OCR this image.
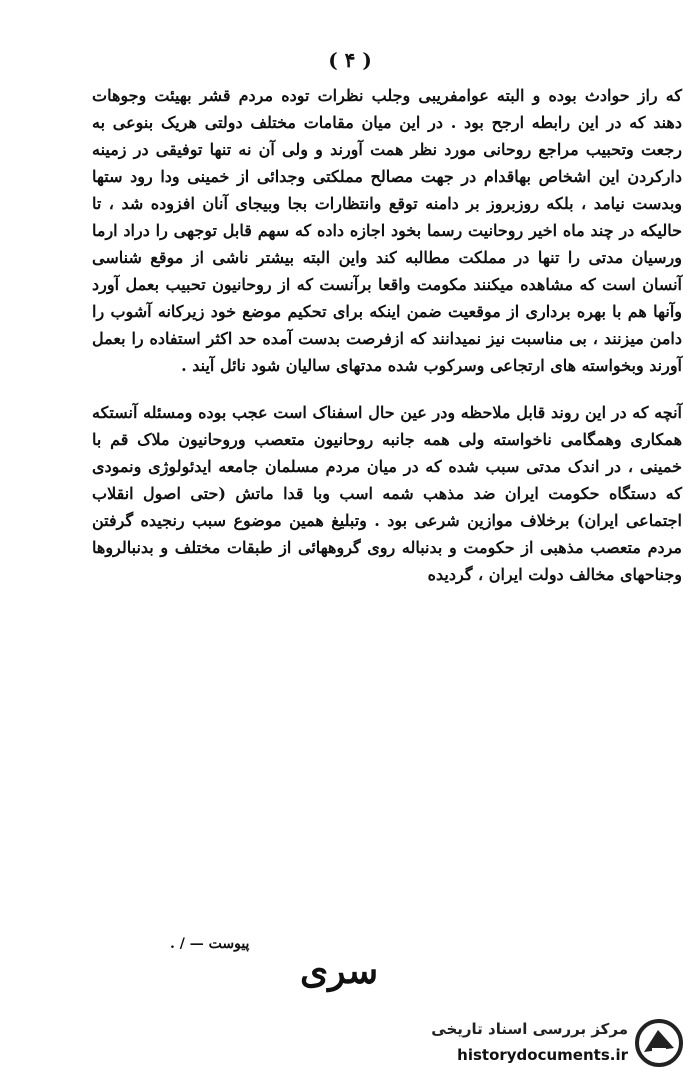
( ۴ )

که راز حوادث بوده و البته عوامفریبی وجلب نظرات توده مردم قشر بهیئت وجوهات دهند که در این رابطه ارجح بود . در این میان مقامات مختلف دولتی هریک بنوعی به رجعت وتحبیب مراجع روحانی مورد نظر همت آورند و ولی آن نه تنها توفیقی در زمینه دارکردن این اشخاص بهاقدام در جهت مصالح مملکتی وجدائی از خمینی ودا رود ستها وبدست نیامد ، بلکه روزبروز بر دامنه توقع وانتظارات بجا وبیجای آنان افزوده شد ، تا حالیکه در چند ماه اخیر روحانیت رسما بخود اجازه داده که سهم قابل توجهی را دراد ارما ورسیان مدتی را تنها در مملکت مطالبه کند واین البته بیشتر ناشی از موقع شناسی آنسان است که مشاهده میکنند مکومت واقعا برآنست که از روحانیون تحبیب بعمل آورد وآنها هم با بهره برداری از موقعیت ضمن اینکه برای تحکیم موضع خود زیرکانه آشوب را دامن میزنند ، بی مناسبت نیز نمیدانند که ازفرصت بدست آمده حد اکثر استفاده را بعمل آورند وبخواسته های ارتجاعی وسرکوب شده مدتهای سالیان شود نائل آیند .

آنچه که در این روند قابل ملاحظه ودر عین حال اسفناک است عجب بوده ومسئله آنستکه همکاری وهمگامی ناخواسته ولی همه جانبه روحانیون متعصب وروحانیون ملاک قم با خمینی ، در اندک مدتی سبب شده که در میان مردم مسلمان جامعه ایدئولوژی ونمودی که دستگاه حکومت ایران ضد مذهب شمه اسب وبا قدا ماتش (حتی اصول انقلاب اجتماعی ایران) برخلاف موازین شرعی بود . وتبلیغ همین موضوع سبب رنجیده گرفتن مردم متعصب مذهبی از حکومت و بدنباله روی گروههائی از طبقات مختلف و بدنبالروها وجناحهای مخالف دولت ایران ، گردیده

پیوست — / .
سری
مرکز بررسی اسناد تاریخی
historydocuments.ir
